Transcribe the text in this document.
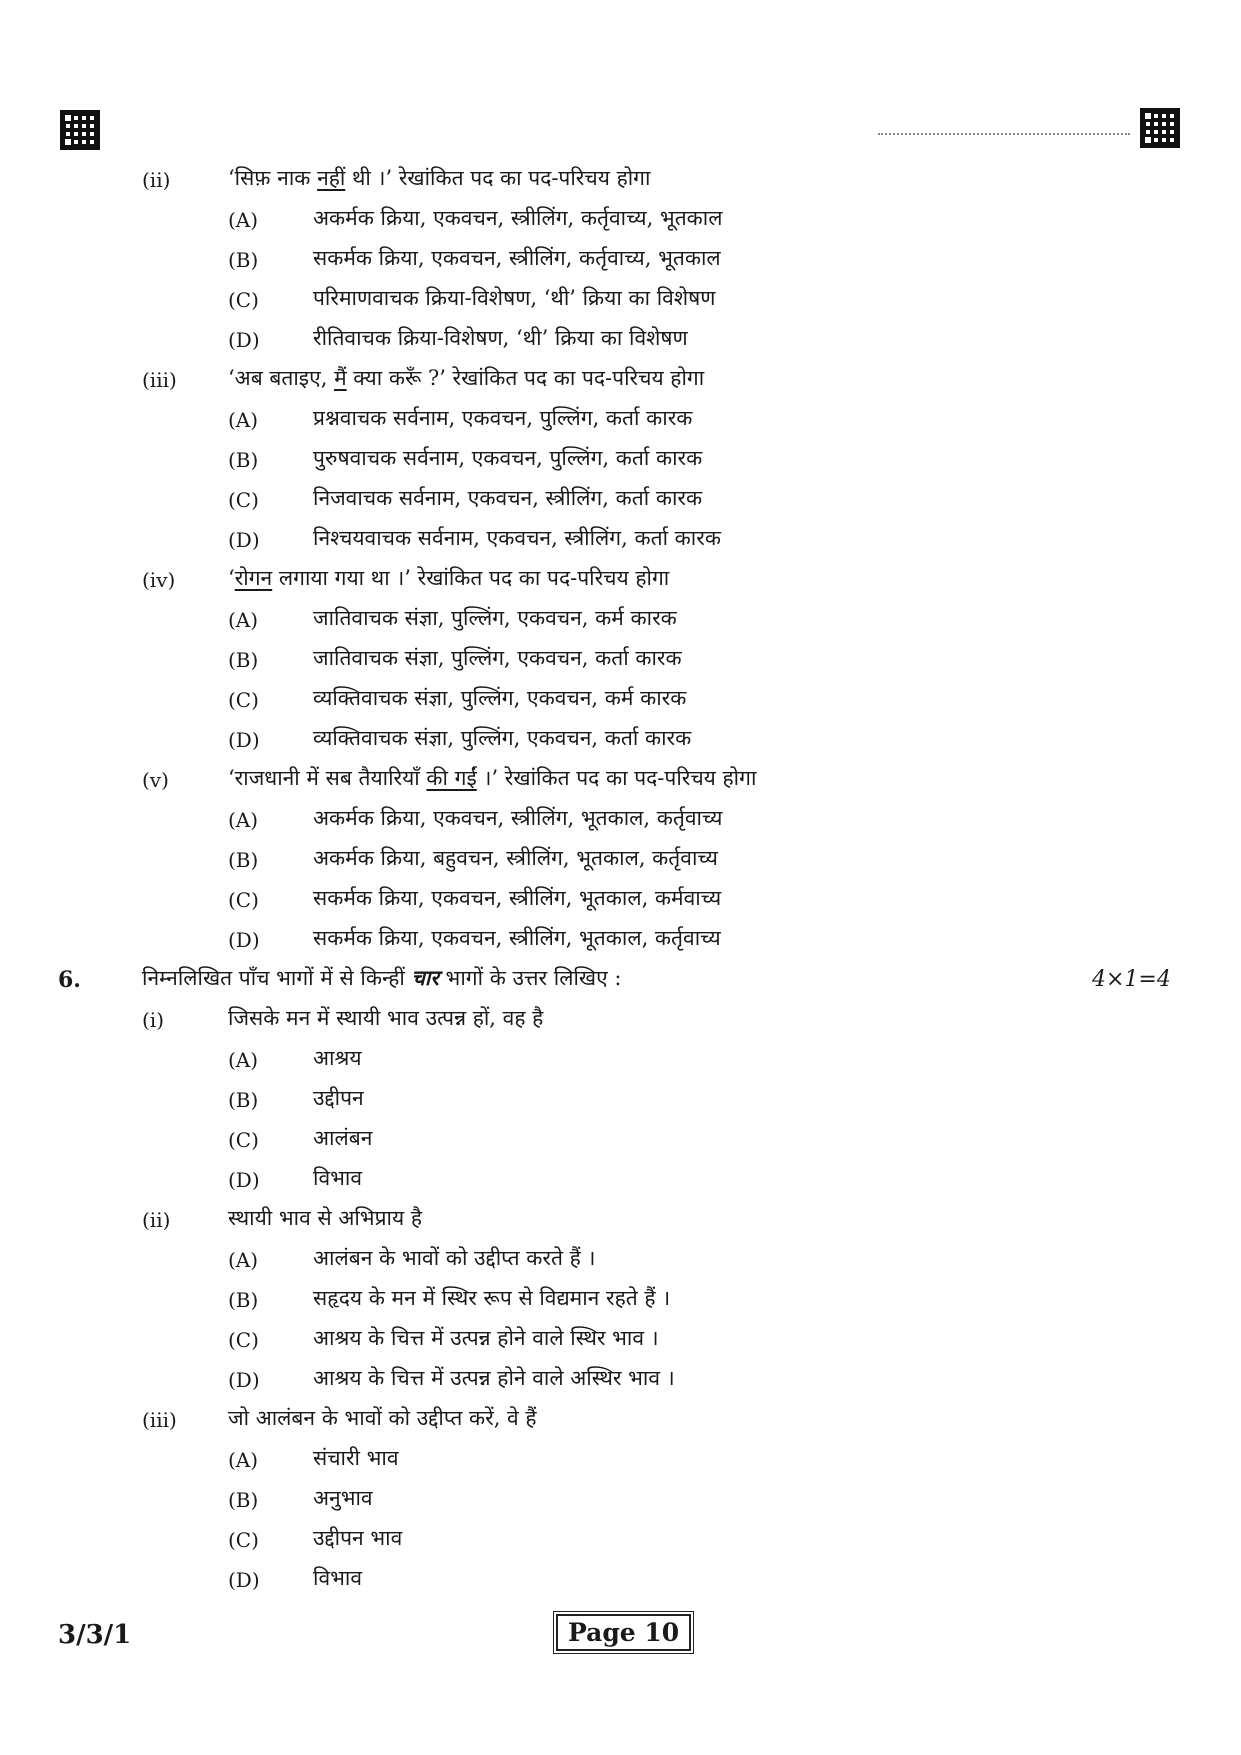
(ii)	‘सिफ़ नाक नहीं थी ।’ रेखांकित पद का पद-परिचय होगा
(A)	अकर्मक क्रिया, एकवचन, स्त्रीलिंग, कर्तृवाच्य, भूतकाल
(B)	सकर्मक क्रिया, एकवचन, स्त्रीलिंग, कर्तृवाच्य, भूतकाल
(C)	परिमाणवाचक क्रिया-विशेषण, ‘थी’ क्रिया का विशेषण
(D)	रीतिवाचक क्रिया-विशेषण, ‘थी’ क्रिया का विशेषण
(iii) ‘अब बताइए, मैं क्या करूँ ?’ रेखांकित पद का पद-परिचय होगा
(A)	प्रश्नवाचक सर्वनाम, एकवचन, पुल्लिंग, कर्ता कारक
(B)	पुरुषवाचक सर्वनाम, एकवचन, पुल्लिंग, कर्ता कारक
(C)	निजवाचक सर्वनाम, एकवचन, स्त्रीलिंग, कर्ता कारक
(D)	निश्चयवाचक सर्वनाम, एकवचन, स्त्रीलिंग, कर्ता कारक
(iv)	‘रोगन लगाया गया था ।’ रेखांकित पद का पद-परिचय होगा
(A)	जातिवाचक संज्ञा, पुल्लिंग, एकवचन, कर्म कारक
(B)	जातिवाचक संज्ञा, पुल्लिंग, एकवचन, कर्ता कारक
(C)	व्यक्तिवाचक संज्ञा, पुल्लिंग, एकवचन, कर्म कारक
(D)	व्यक्तिवाचक संज्ञा, पुल्लिंग, एकवचन, कर्ता कारक
(v)	‘राजधानी में सब तैयारियाँ की गईं ।’ रेखांकित पद का पद-परिचय होगा
(A)	अकर्मक क्रिया, एकवचन, स्त्रीलिंग, भूतकाल, कर्तृवाच्य
(B)	अकर्मक क्रिया, बहुवचन, स्त्रीलिंग, भूतकाल, कर्तृवाच्य
(C)	सकर्मक क्रिया, एकवचन, स्त्रीलिंग, भूतकाल, कर्मवाच्य
(D)	सकर्मक क्रिया, एकवचन, स्त्रीलिंग, भूतकाल, कर्तृवाच्य
6.	निम्नलिखित पाँच भागों में से किन्हीं चार भागों के उत्तर लिखिए :	4×1=4
(i)	जिसके मन में स्थायी भाव उत्पन्न हों, वह है
(A)	आश्रय
(B)	उद्दीपन
(C)	आलंबन
(D)	विभाव
(ii)	स्थायी भाव से अभिप्राय है
(A)	आलंबन के भावों को उद्दीप्त करते हैं ।
(B)	सहृदय के मन में स्थिर रूप से विद्यमान रहते हैं ।
(C)	आश्रय के चित्त में उत्पन्न होने वाले स्थिर भाव ।
(D)	आश्रय के चित्त में उत्पन्न होने वाले अस्थिर भाव ।
(iii) जो आलंबन के भावों को उद्दीप्त करें, वे हैं
(A)	संचारी भाव
(B)	अनुभाव
(C)	उद्दीपन भाव
(D)	विभाव
3/3/1	Page 10
